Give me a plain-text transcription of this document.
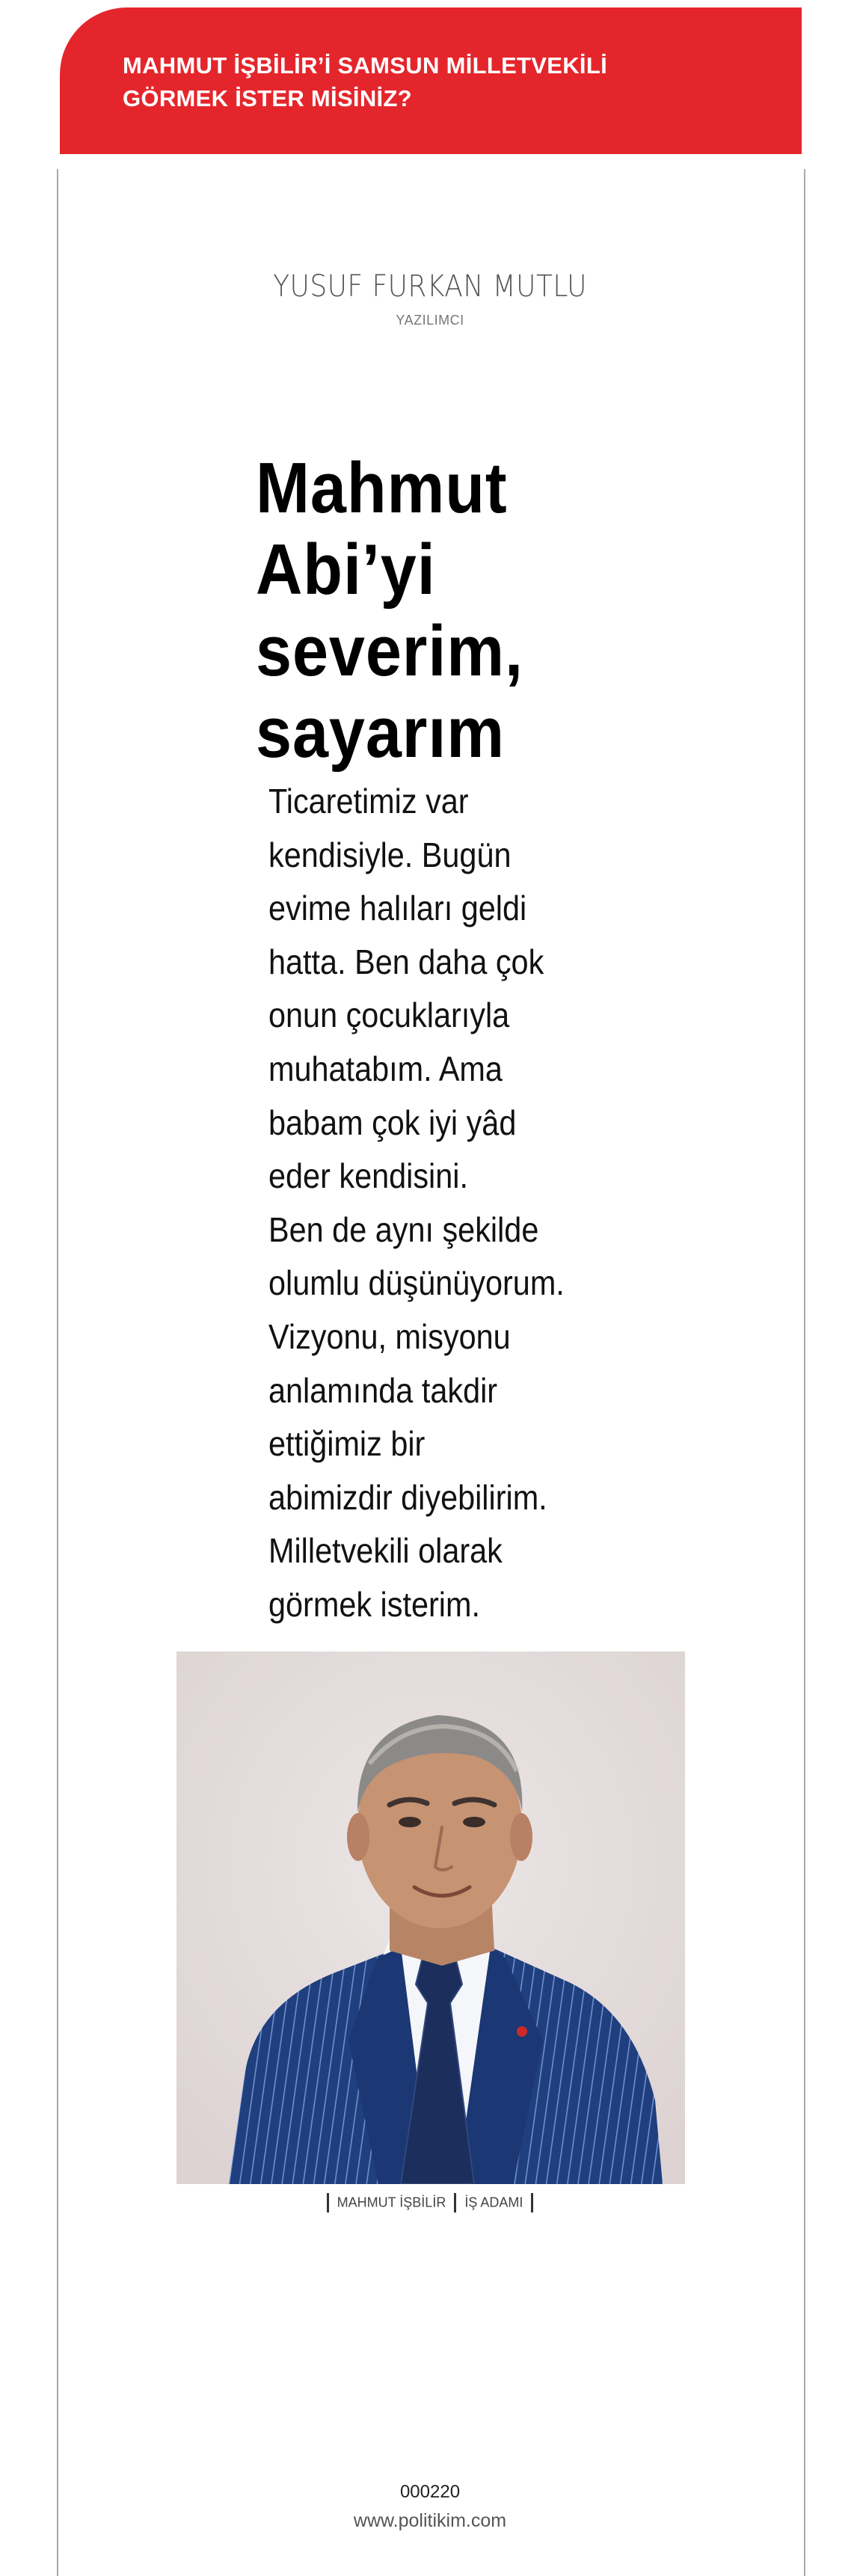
MAHMUT İŞBİLİR’İ SAMSUN MİLLETVEKİLİ
GÖRMEK İSTER MİSİNİZ?
YUSUF FURKAN MUTLU
YAZILIMCI
Mahmut
Abi’yi
severim,
sayarım
Ticaretimiz var
kendisiyle. Bugün
evime halıları geldi
hatta. Ben daha çok
onun çocuklarıyla
muhatabım. Ama
babam çok iyi yâd
eder kendisini.
Ben de aynı şekilde
olumlu düşünüyorum.
Vizyonu, misyonu
anlamında takdir
ettiğimiz bir
abimizdir diyebilirim.
Milletvekili olarak
görmek isterim.
MAHMUT İŞBİLİR İŞ ADAMI
000220
www.politikim.com
